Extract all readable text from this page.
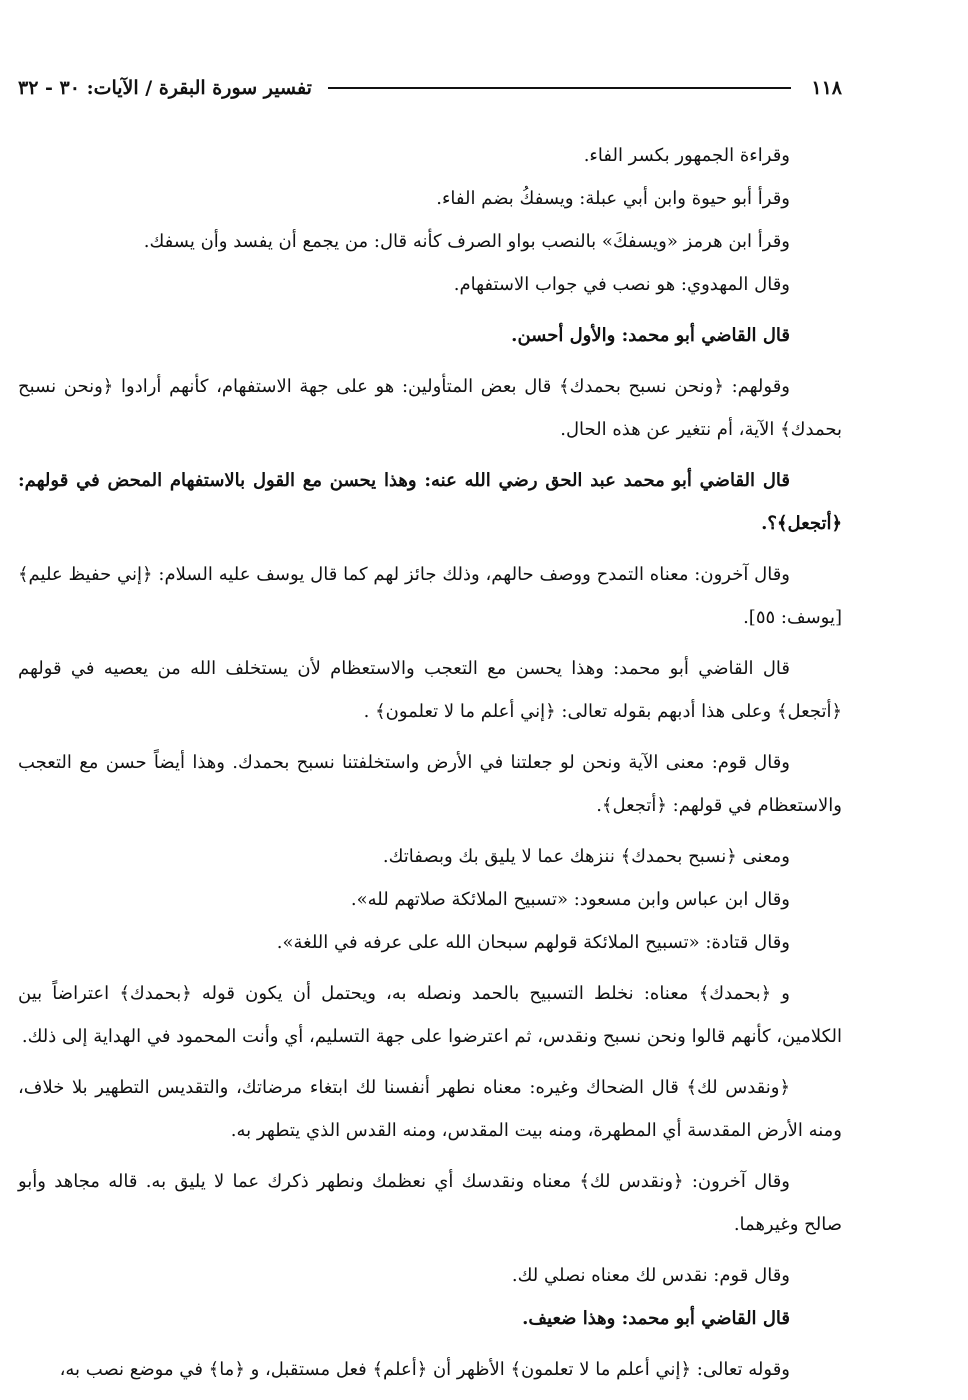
١١٨
تفسير سورة البقرة / الآيات: ٣٠ - ٣٢

وقراءة الجمهور بكسر الفاء.

وقرأ أبو حيوة وابن أبي عبلة: ويسفكُ بضم الفاء.

وقرأ ابن هرمز «ويسفكَ» بالنصب بواو الصرف كأنه قال: من يجمع أن يفسد وأن يسفك.

وقال المهدوي: هو نصب في جواب الاستفهام.

قال القاضي أبو محمد: والأول أحسن.

وقولهم: ﴿ونحن نسبح بحمدك﴾ قال بعض المتأولين: هو على جهة الاستفهام، كأنهم أرادوا ﴿ونحن نسبح بحمدك﴾ الآية، أم نتغير عن هذه الحال.

قال القاضي أبو محمد عبد الحق رضي الله عنه: وهذا يحسن مع القول بالاستفهام المحض في قولهم: ﴿أتجعل﴾؟.

وقال آخرون: معناه التمدح ووصف حالهم، وذلك جائز لهم كما قال يوسف عليه السلام: ﴿إني حفيظ عليم﴾ [يوسف: ٥٥].

قال القاضي أبو محمد: وهذا يحسن مع التعجب والاستعظام لأن يستخلف الله من يعصيه في قولهم ﴿أتجعل﴾ وعلى هذا أدبهم بقوله تعالى: ﴿إني أعلم ما لا تعلمون﴾ .

وقال قوم: معنى الآية ونحن لو جعلتنا في الأرض واستخلفتنا نسبح بحمدك. وهذا أيضاً حسن مع التعجب والاستعظام في قولهم: ﴿أتجعل﴾.

ومعنى ﴿نسبح بحمدك﴾ ننزهك عما لا يليق بك وبصفاتك.

وقال ابن عباس وابن مسعود: «تسبيح الملائكة صلاتهم لله».

وقال قتادة: «تسبيح الملائكة قولهم سبحان الله على عرفه في اللغة».

و ﴿بحمدك﴾ معناه: نخلط التسبيح بالحمد ونصله به، ويحتمل أن يكون قوله ﴿بحمدك﴾ اعتراضاً بين الكلامين، كأنهم قالوا ونحن نسبح ونقدس، ثم اعترضوا على جهة التسليم، أي وأنت المحمود في الهداية إلى ذلك.

﴿ونقدس لك﴾ قال الضحاك وغيره: معناه نطهر أنفسنا لك ابتغاء مرضاتك، والتقديس التطهير بلا خلاف، ومنه الأرض المقدسة أي المطهرة، ومنه بيت المقدس، ومنه القدس الذي يتطهر به.

وقال آخرون: ﴿ونقدس لك﴾ معناه ونقدسك أي نعظمك ونطهر ذكرك عما لا يليق به. قاله مجاهد وأبو صالح وغيرهما.

وقال قوم: نقدس لك معناه نصلي لك.

قال القاضي أبو محمد: وهذا ضعيف.

وقوله تعالى: ﴿إني أعلم ما لا تعلمون﴾ الأظهر أن ﴿أعلم﴾ فعل مستقبل، و ﴿ما﴾ في موضع نصب به،
